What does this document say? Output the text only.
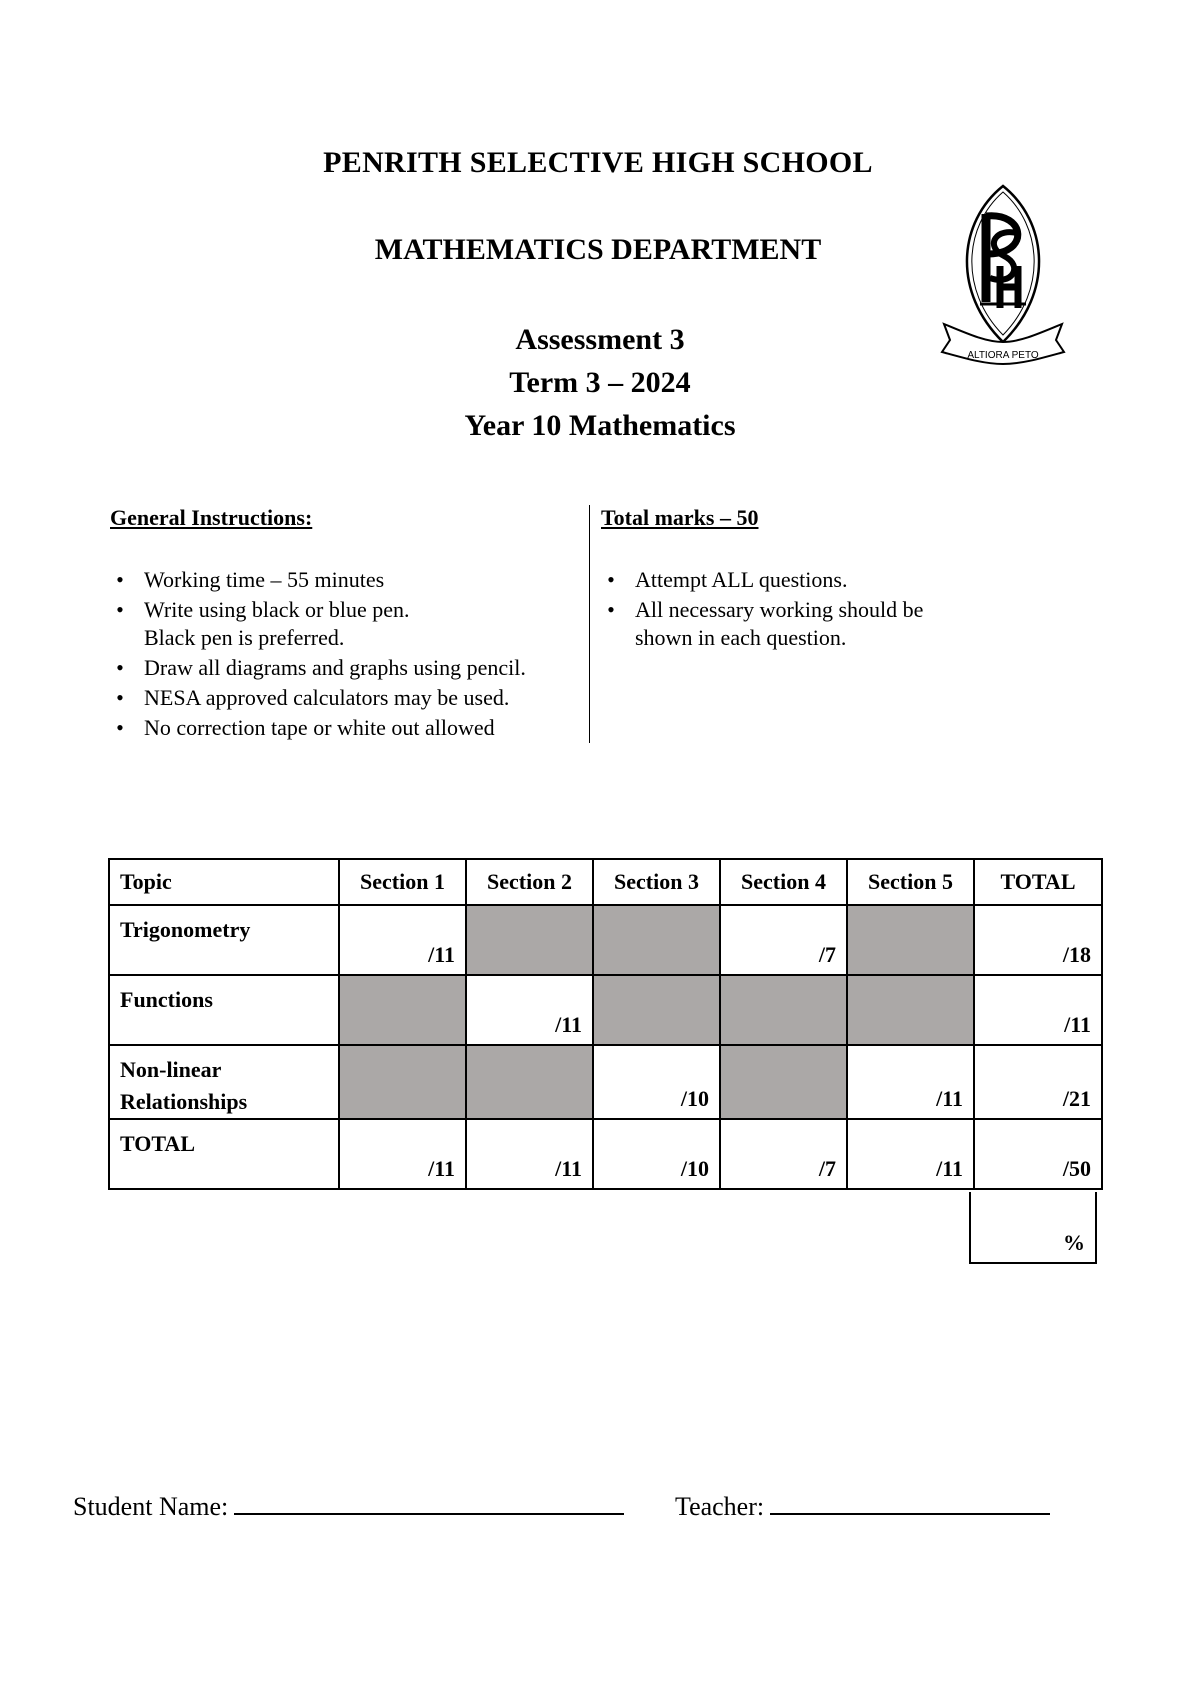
PENRITH SELECTIVE HIGH SCHOOL
MATHEMATICS DEPARTMENT
Assessment 3
Term 3 – 2024
Year 10 Mathematics
ALTIORA PETO
General Instructions:
• Working time – 55 minutes
• Write using black or blue pen.
Black pen is preferred.
• Draw all diagrams and graphs using pencil.
• NESA approved calculators may be used.
• No correction tape or white out allowed
Total marks – 50
• Attempt ALL questions.
• All necessary working should be
shown in each question.
Topic	Section 1	Section 2	Section 3	Section 4	Section 5	TOTAL
Trigonometry	/11			/7		/18

Functions		/11				/11

Non-linear
Relationships			/10		/11	/21

TOTAL	/11	/11	/10	/7	/11	/50
%
Student Name:	Teacher:
